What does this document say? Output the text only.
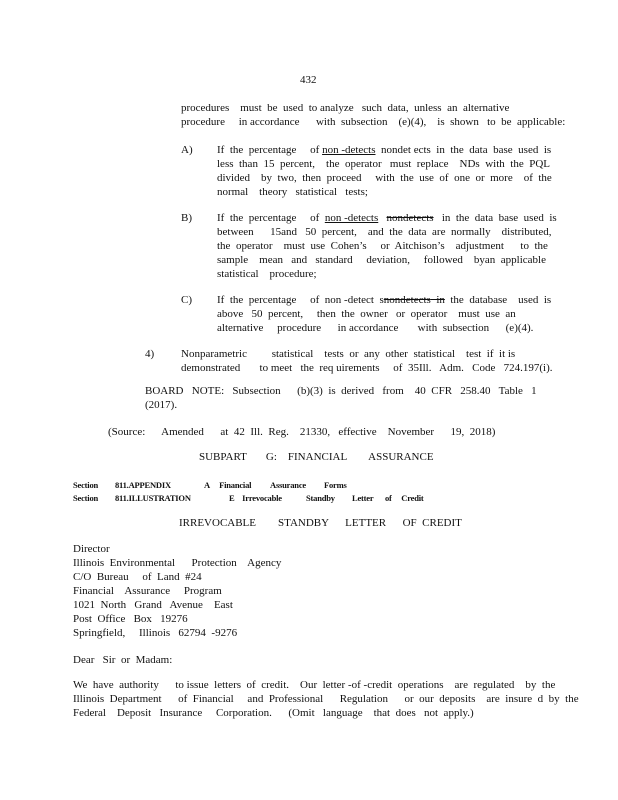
432
procedures    must  be  used  to analyze   such  data,  unless  an  alternative
procedure     in accordance      with  subsection    (e)(4),    is  shown   to  be  applicable:
A) If  the  percentage     of non -detects  nondet ects  in  the  data  base  used  is
less  than  15  percent,    the  operator   must  replace    NDs  with  the  PQL
divided    by  two,  then  proceed     with  the  use  of  one  or  more    of  the
normal    theory   statistical   tests;
B) If  the  percentage     of  non -detects nondetects   in  the  data  base  used  is
between      15and   50  percent,    and  the  data  are  normally    distributed,
the  operator    must  use  Cohen’s     or  Aitchison’s    adjustment      to  the
sample    mean   and   standard     deviation,     followed    byan  applicable
statistical    procedure;
C) If  the  percentage     of  non -detect  snondetects  in  the  database    used  is
above   50  percent,     then  the  owner   or  operator    must  use  an
alternative     procedure      in accordance       with  subsection      (e)(4).
4) Nonparametric         statistical    tests  or  any  other  statistical    test  if  it is
demonstrated       to meet   the  req uirements     of  35Ill.   Adm.   Code   724.197(i).
BOARD   NOTE:   Subsection      (b)(3)  is  derived   from    40  CFR   258.40   Table   1
(2017).
(Source:      Amended      at  42  Ill.  Reg.    21330,   effective    November      19,  2018)
SUBPART       G:    FINANCIAL        ASSURANCE
Section 811.APPENDIX	A     Financial Assurance Forms
Section 811.ILLUSTRATION	E    Irrevocable	Standby Letter of     Credit
IRREVOCABLE        STANDBY      LETTER      OF  CREDIT
Director
Illinois  Environmental      Protection    Agency
C/O  Bureau     of  Land  #24
Financial    Assurance     Program
1021  North   Grand   Avenue    East
Post  Office   Box   19276
Springfield,     Illinois   62794  -9276
Dear   Sir  or  Madam:
We  have  authority      to issue  letters  of  credit.    Our  letter -of -credit  operations    are  regulated    by  the
Illinois  Department      of  Financial     and  Professional      Regulation      or  our  deposits    are  insure  d  by  the
Federal    Deposit   Insurance     Corporation.      (Omit   language    that  does   not  apply.)
